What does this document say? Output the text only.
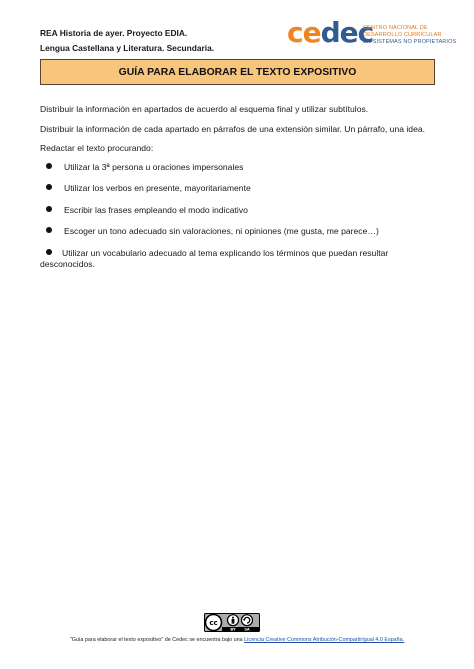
REA Historia de ayer. Proyecto EDIA.
Lengua Castellana y Literatura. Secundaria.	cedec
CENTRO NACIONAL DE
DESARROLLO CURRICULAR
EN SISTEMAS NO PROPIETARIOS
GUÍA PARA ELABORAR EL TEXTO EXPOSITIVO

Distribuir la información en apartados de acuerdo al esquema final y utilizar subtítulos.

Distribuir la información de cada apartado en párrafos de una extensión similar. Un párrafo, una idea.

Redactar el texto procurando:

Utilizar la 3ª persona u oraciones impersonales
Utilizar los verbos en presente, mayoritariamente
Escribir las frases empleando el modo indicativo
Escoger un tono adecuado sin valoraciones, ni opiniones (me gusta, me parece…)
Utilizar un vocabulario adecuado al tema explicando los términos que puedan resultar desconocidos.
cc
BY SA
"Guía para elaborar el texto expositivo" de Cedec se encuentra bajo una Licencia Creative Commons Atribución-CompartirIgual 4.0 España.
